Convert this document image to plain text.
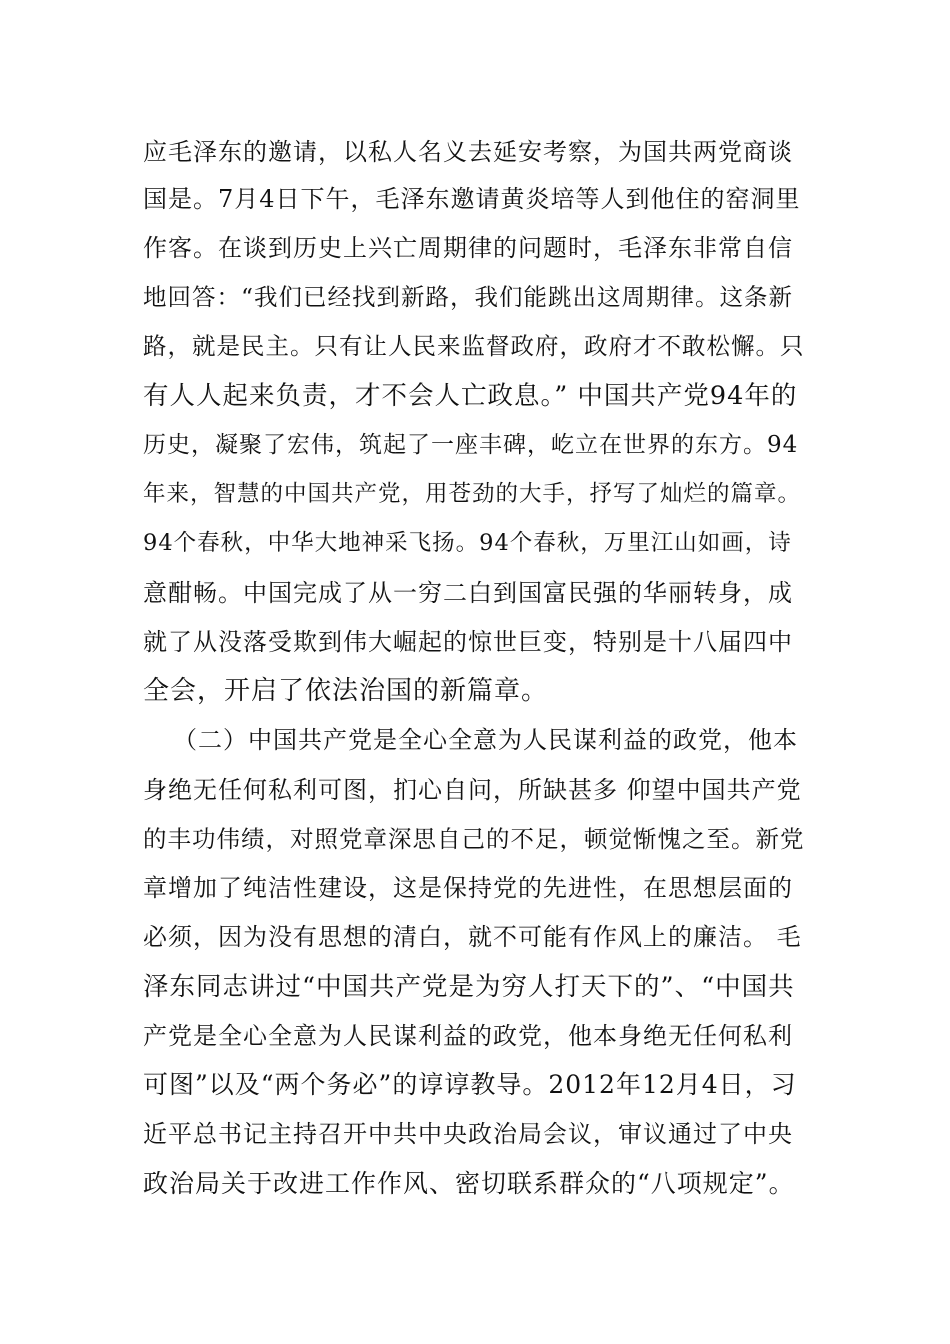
应毛泽东的邀请，以私人名义去延安考察，为国共两党商谈
国是。7月4日下午，毛泽东邀请黄炎培等人到他住的窑洞里
作客。在谈到历史上兴亡周期律的问题时，毛泽东非常自信
地回答：“我们已经找到新路，我们能跳出这周期律。这条新
路，就是民主。只有让人民来监督政府，政府才不敢松懈。只
有人人起来负责，才不会人亡政息。” 中国共产党94年的
历史，凝聚了宏伟，筑起了一座丰碑，屹立在世界的东方。94
年来，智慧的中国共产党，用苍劲的大手，抒写了灿烂的篇章。
94个春秋，中华大地神采飞扬。94个春秋，万里江山如画，诗
意酣畅。中国完成了从一穷二白到国富民强的华丽转身，成
就了从没落受欺到伟大崛起的惊世巨变，特别是十八届四中
全会，开启了依法治国的新篇章。
（二）中国共产党是全心全意为人民谋利益的政党，他本
身绝无任何私利可图，扪心自问，所缺甚多 仰望中国共产党
的丰功伟绩，对照党章深思自己的不足，顿觉惭愧之至。新党
章增加了纯洁性建设，这是保持党的先进性，在思想层面的
必须，因为没有思想的清白，就不可能有作风上的廉洁。 毛
泽东同志讲过“中国共产党是为穷人打天下的”、“中国共
产党是全心全意为人民谋利益的政党，他本身绝无任何私利
可图”以及“两个务必”的谆谆教导。2012年12月4日，习
近平总书记主持召开中共中央政治局会议，审议通过了中央
政治局关于改进工作作风、密切联系群众的“八项规定”。
